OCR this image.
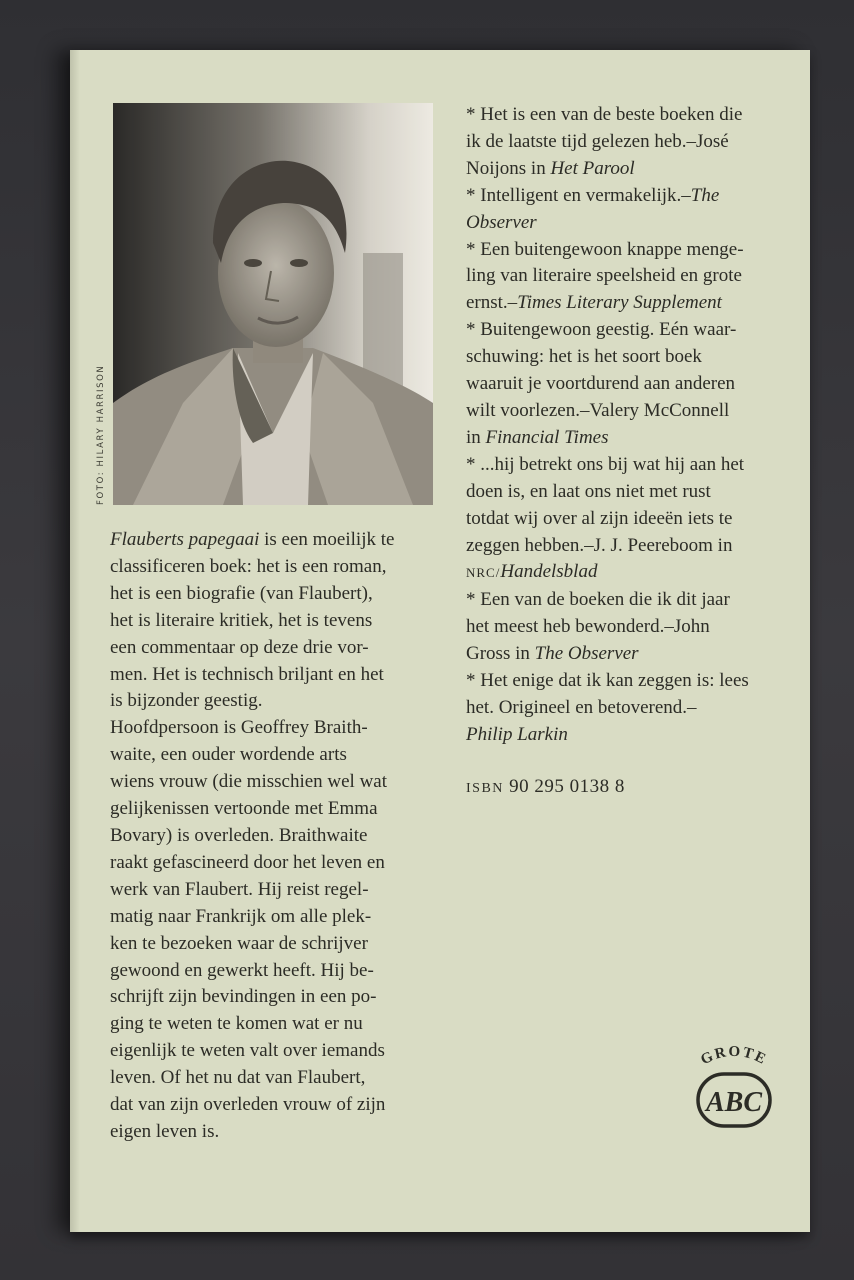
FOTO: HILARY HARRISON
Flauberts papegaai is een moeilijk te
classificeren boek: het is een roman,
het is een biografie (van Flaubert),
het is literaire kritiek, het is tevens
een commentaar op deze drie vor-
men. Het is technisch briljant en het
is bijzonder geestig.
Hoofdpersoon is Geoffrey Braith-
waite, een ouder wordende arts
wiens vrouw (die misschien wel wat
gelijkenissen vertoonde met Emma
Bovary) is overleden. Braithwaite
raakt gefascineerd door het leven en
werk van Flaubert. Hij reist regel-
matig naar Frankrijk om alle plek-
ken te bezoeken waar de schrijver
gewoond en gewerkt heeft. Hij be-
schrijft zijn bevindingen in een po-
ging te weten te komen wat er nu
eigenlijk te weten valt over iemands
leven. Of het nu dat van Flaubert,
dat van zijn overleden vrouw of zijn
eigen leven is.
* Het is een van de beste boeken die
ik de laatste tijd gelezen heb.–José
Noijons in Het Parool
* Intelligent en vermakelijk.–The
Observer
* Een buitengewoon knappe menge-
ling van literaire speelsheid en grote
ernst.–Times Literary Supplement
* Buitengewoon geestig. Eén waar-
schuwing: het is het soort boek
waaruit je voortdurend aan anderen
wilt voorlezen.–Valery McConnell
in Financial Times
* ...hij betrekt ons bij wat hij aan het
doen is, en laat ons niet met rust
totdat wij over al zijn ideeën iets te
zeggen hebben.–J. J. Peereboom in
NRC/Handelsblad
* Een van de boeken die ik dit jaar
het meest heb bewonderd.–John
Gross in The Observer
* Het enige dat ik kan zeggen is: lees
het. Origineel en betoverend.–
Philip Larkin
ISBN 90 295 0138 8
GROTE
ABC
